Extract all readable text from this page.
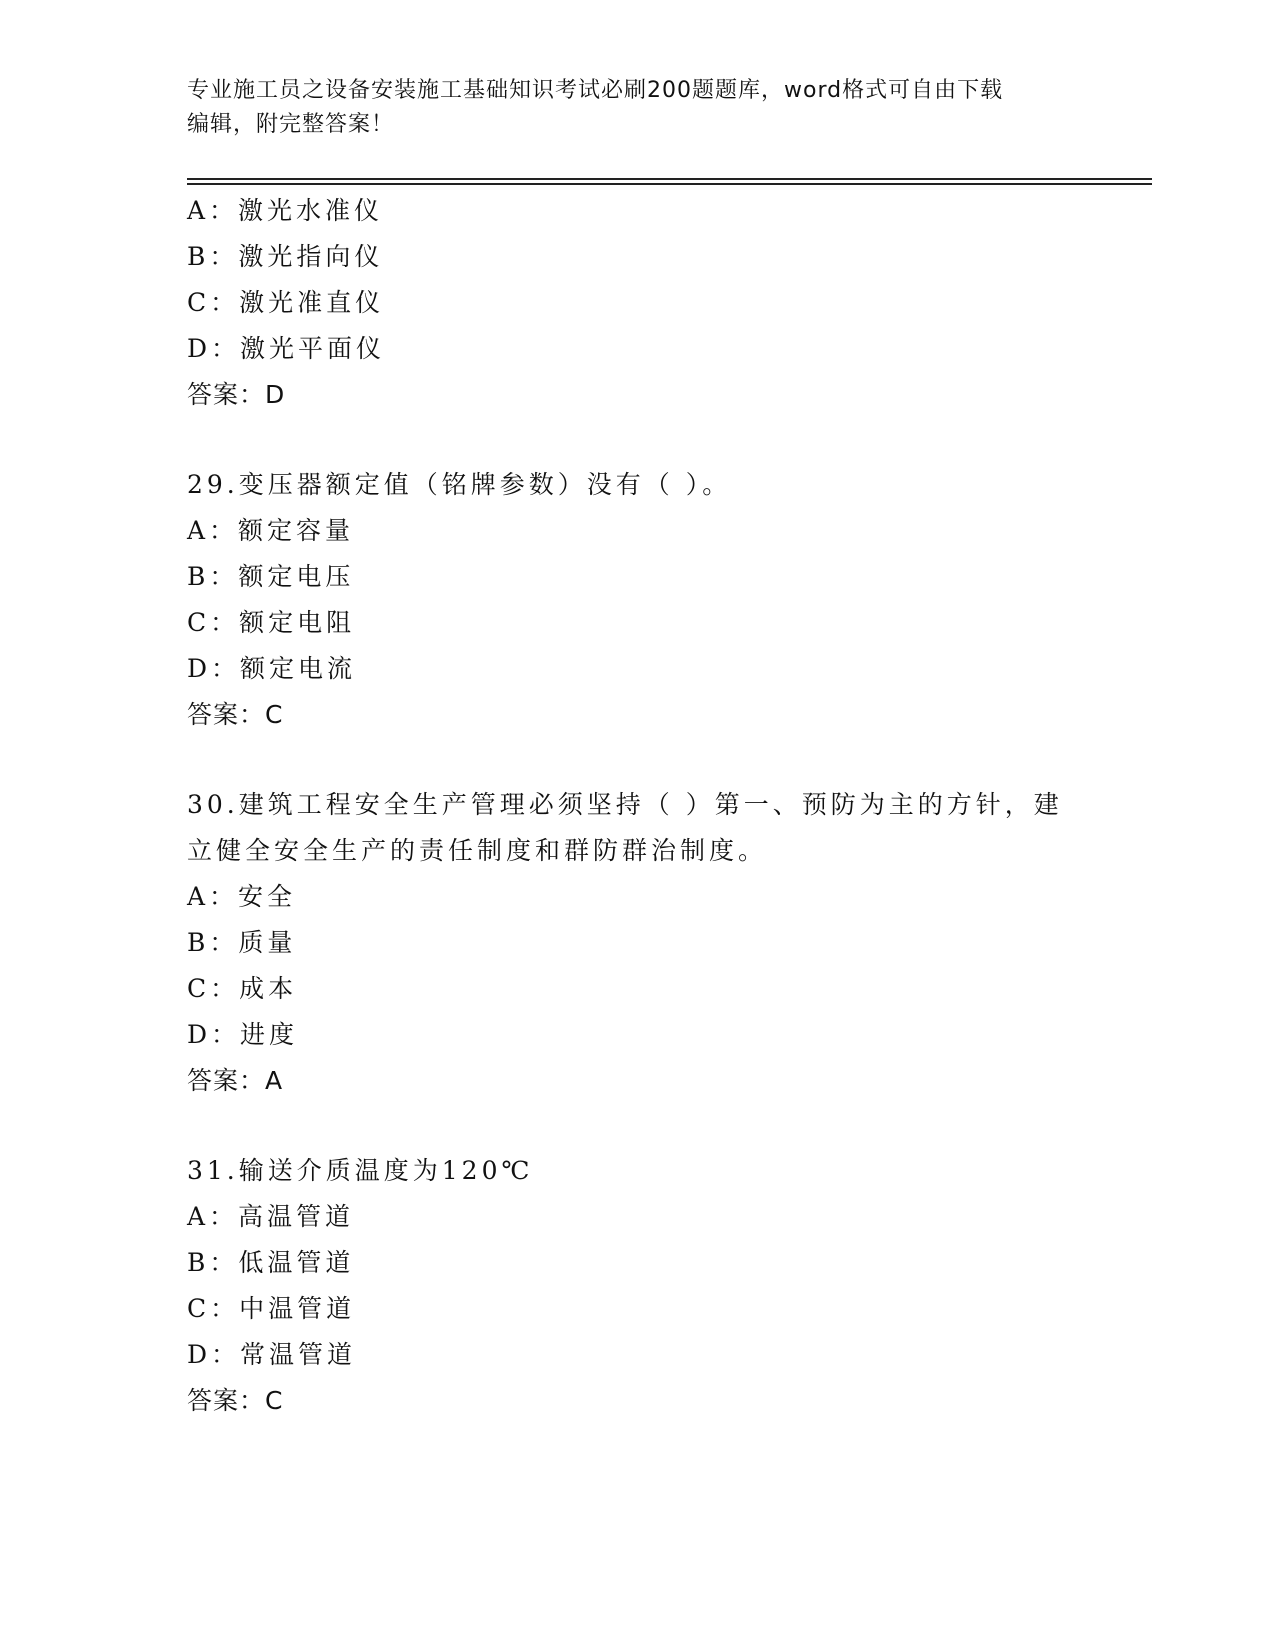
专业施工员之设备安装施工基础知识考试必刷200题题库，word格式可自由下载
编辑，附完整答案！
A：激光水准仪
B：激光指向仪
C：激光准直仪
D：激光平面仪
答案：D
29.变压器额定值（铭牌参数）没有（ ）。
A：额定容量
B：额定电压
C：额定电阻
D：额定电流
答案：C
30.建筑工程安全生产管理必须坚持（ ）第一、预防为主的方针，建
立健全安全生产的责任制度和群防群治制度。
A：安全
B：质量
C：成本
D：进度
答案：A
31.输送介质温度为120℃
A：高温管道
B：低温管道
C：中温管道
D：常温管道
答案：C
